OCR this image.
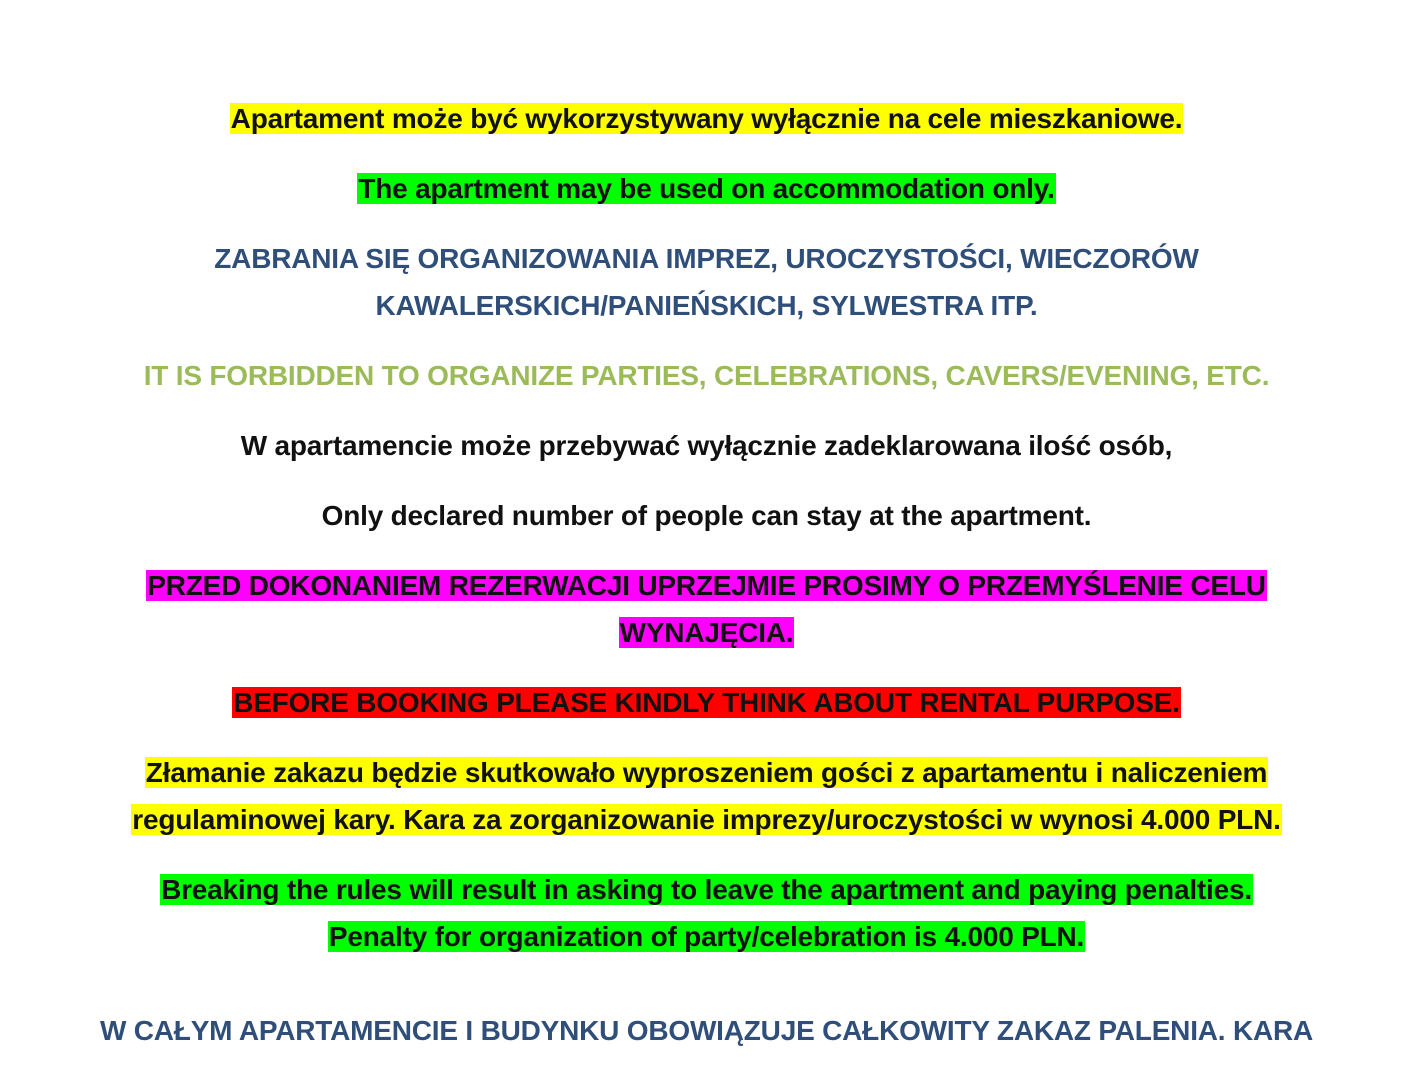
Apartament może być wykorzystywany wyłącznie na cele mieszkaniowe.

The apartment may be used on accommodation only.

ZABRANIA SIĘ ORGANIZOWANIA IMPREZ, UROCZYSTOŚCI, WIECZORÓW
KAWALERSKICH/PANIEŃSKICH, SYLWESTRA ITP.

IT IS FORBIDDEN TO ORGANIZE PARTIES, CELEBRATIONS, CAVERS/EVENING, ETC.

W apartamencie może przebywać wyłącznie zadeklarowana ilość osób,

Only declared number of people can stay at the apartment.

PRZED DOKONANIEM REZERWACJI UPRZEJMIE PROSIMY O PRZEMYŚLENIE CELU
WYNAJĘCIA.

BEFORE BOOKING PLEASE KINDLY THINK ABOUT RENTAL PURPOSE.

Złamanie zakazu będzie skutkowało wyproszeniem gości z apartamentu i naliczeniem
regulaminowej kary. Kara za zorganizowanie imprezy/uroczystości w wynosi 4.000 PLN.

Breaking the rules will result in asking to leave the apartment and paying penalties.
Penalty for organization of party/celebration is 4.000 PLN.

W CAŁYM APARTAMENCIE I BUDYNKU OBOWIĄZUJE CAŁKOWITY ZAKAZ PALENIA. KARA
